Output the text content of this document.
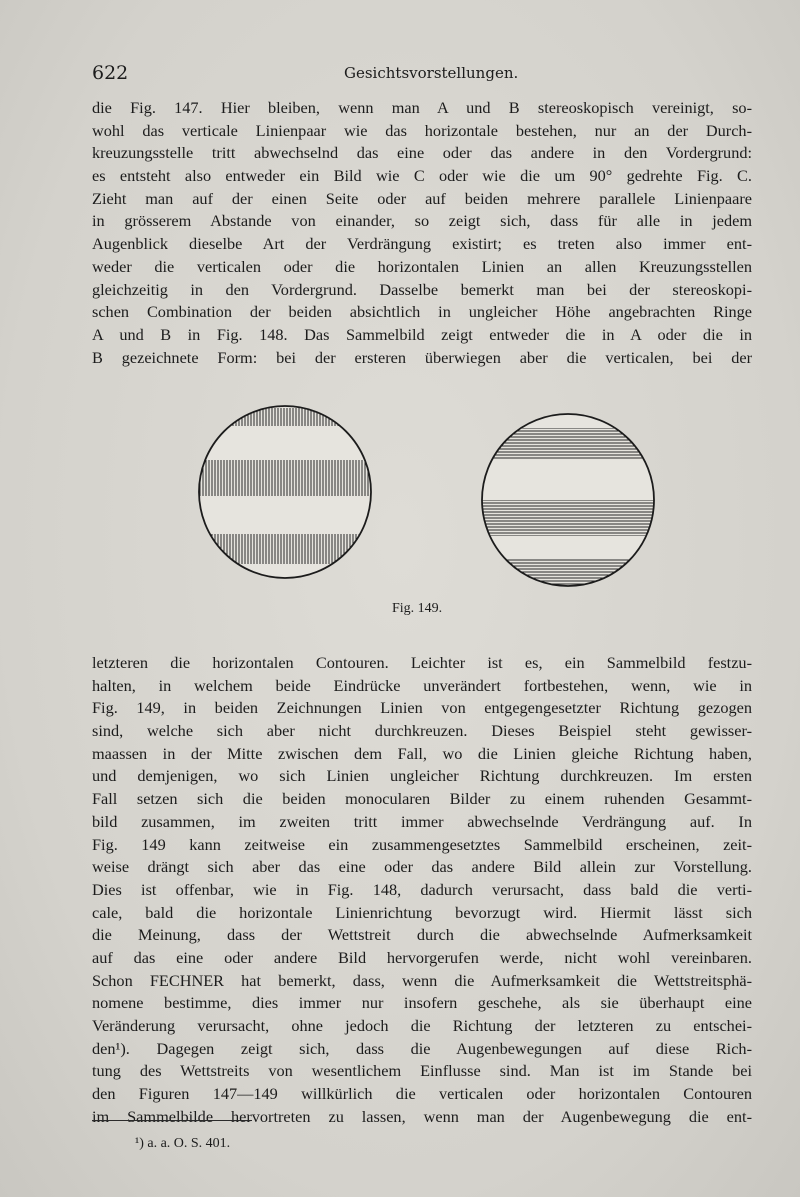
622	Gesichtsvorstellungen.
die Fig. 147. Hier bleiben, wenn man A und B stereoskopisch vereinigt, so-
wohl das verticale Linienpaar wie das horizontale bestehen, nur an der Durch-
kreuzungsstelle tritt abwechselnd das eine oder das andere in den Vordergrund:
es entsteht also entweder ein Bild wie C oder wie die um 90° gedrehte Fig. C.
Zieht man auf der einen Seite oder auf beiden mehrere parallele Linienpaare
in grösserem Abstande von einander, so zeigt sich, dass für alle in jedem
Augenblick dieselbe Art der Verdrängung existirt; es treten also immer ent-
weder die verticalen oder die horizontalen Linien an allen Kreuzungsstellen
gleichzeitig in den Vordergrund. Dasselbe bemerkt man bei der stereoskopi-
schen Combination der beiden absichtlich in ungleicher Höhe angebrachten Ringe
A und B in Fig. 148. Das Sammelbild zeigt entweder die in A oder die in
B gezeichnete Form: bei der ersteren überwiegen aber die verticalen, bei der
Fig. 149.
letzteren die horizontalen Contouren. Leichter ist es, ein Sammelbild festzu-
halten, in welchem beide Eindrücke unverändert fortbestehen, wenn, wie in
Fig. 149, in beiden Zeichnungen Linien von entgegengesetzter Richtung gezogen
sind, welche sich aber nicht durchkreuzen. Dieses Beispiel steht gewisser-
maassen in der Mitte zwischen dem Fall, wo die Linien gleiche Richtung haben,
und demjenigen, wo sich Linien ungleicher Richtung durchkreuzen. Im ersten
Fall setzen sich die beiden monocularen Bilder zu einem ruhenden Gesammt-
bild zusammen, im zweiten tritt immer abwechselnde Verdrängung auf. In
Fig. 149 kann zeitweise ein zusammengesetztes Sammelbild erscheinen, zeit-
weise drängt sich aber das eine oder das andere Bild allein zur Vorstellung.
Dies ist offenbar, wie in Fig. 148, dadurch verursacht, dass bald die verti-
cale, bald die horizontale Linienrichtung bevorzugt wird. Hiermit lässt sich
die Meinung, dass der Wettstreit durch die abwechselnde Aufmerksamkeit
auf das eine oder andere Bild hervorgerufen werde, nicht wohl vereinbaren.
Schon FECHNER hat bemerkt, dass, wenn die Aufmerksamkeit die Wettstreitsphä-
nomene bestimme, dies immer nur insofern geschehe, als sie überhaupt eine
Veränderung verursacht, ohne jedoch die Richtung der letzteren zu entschei-
den¹). Dagegen zeigt sich, dass die Augenbewegungen auf diese Rich-
tung des Wettstreits von wesentlichem Einflusse sind. Man ist im Stande bei
den Figuren 147—149 willkürlich die verticalen oder horizontalen Contouren
im Sammelbilde hervortreten zu lassen, wenn man der Augenbewegung die ent-
¹) a. a. O. S. 401.
